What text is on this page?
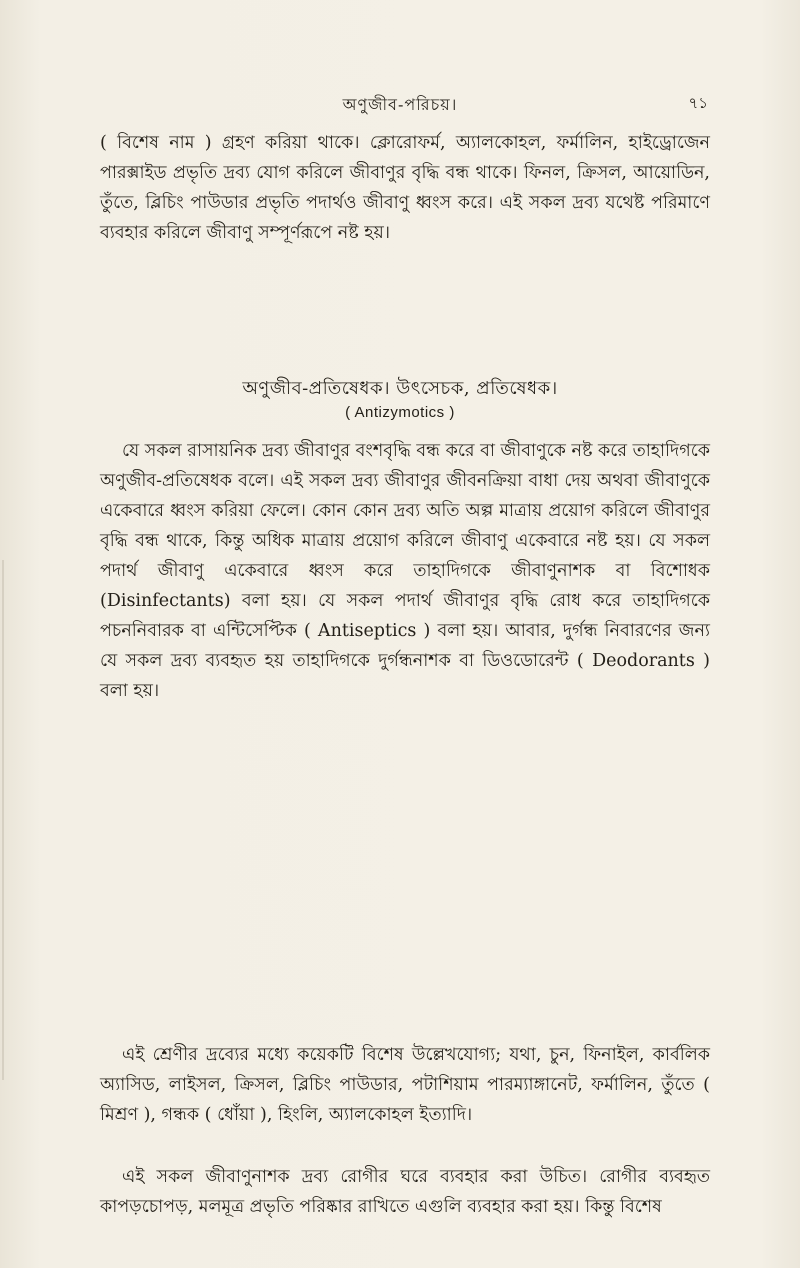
অণুজীব-পরিচয়।	৭১

( বিশেষ নাম ) গ্রহণ করিয়া থাকে। ক্লোরোফর্ম, অ্যালকোহল, ফর্মালিন, হাইড্রোজেন পারক্সাইড প্রভৃতি দ্রব্য যোগ করিলে জীবাণুর বৃদ্ধি বন্ধ থাকে। ফিনল, ক্রিসল, আয়োডিন, তুঁতে, ব্লিচিং পাউডার প্রভৃতি পদার্থও জীবাণু ধ্বংস করে। এই সকল দ্রব্য যথেষ্ট পরিমাণে ব্যবহার করিলে জীবাণু সম্পূর্ণরূপে নষ্ট হয়।

অণুজীব-প্রতিষেধক। উৎসেচক, প্রতিষেধক।
( Antizymotics )

যে সকল রাসায়নিক দ্রব্য জীবাণুর বংশবৃদ্ধি বন্ধ করে বা জীবাণুকে নষ্ট করে তাহাদিগকে অণুজীব-প্রতিষেধক বলে। এই সকল দ্রব্য জীবাণুর জীবনক্রিয়া বাধা দেয় অথবা জীবাণুকে একেবারে ধ্বংস করিয়া ফেলে। কোন কোন দ্রব্য অতি অল্প মাত্রায় প্রয়োগ করিলে জীবাণুর বৃদ্ধি বন্ধ থাকে, কিন্তু অধিক মাত্রায় প্রয়োগ করিলে জীবাণু একেবারে নষ্ট হয়। যে সকল পদার্থ জীবাণু একেবারে ধ্বংস করে তাহাদিগকে জীবাণুনাশক বা বিশোধক (Disinfectants) বলা হয়। যে সকল পদার্থ জীবাণুর বৃদ্ধি রোধ করে তাহাদিগকে পচননিবারক বা এন্টিসেপ্টিক ( Antiseptics ) বলা হয়। আবার, দুর্গন্ধ নিবারণের জন্য যে সকল দ্রব্য ব্যবহৃত হয় তাহাদিগকে দুর্গন্ধনাশক বা ডিওডোরেন্ট ( Deodorants ) বলা হয়।

এই শ্রেণীর দ্রব্যের মধ্যে কয়েকটি বিশেষ উল্লেখযোগ্য; যথা, চুন, ফিনাইল, কার্বলিক অ্যাসিড, লাইসল, ক্রিসল, ব্লিচিং পাউডার, পটাশিয়াম পারম্যাঙ্গানেট, ফর্মালিন, তুঁতে ( মিশ্রণ ), গন্ধক ( ধোঁয়া ), হিংলি, অ্যালকোহল ইত্যাদি।

এই সকল জীবাণুনাশক দ্রব্য রোগীর ঘরে ব্যবহার করা উচিত। রোগীর ব্যবহৃত কাপড়চোপড়, মলমূত্র প্রভৃতি পরিষ্কার রাখিতে এগুলি ব্যবহার করা হয়। কিন্তু বিশেষ
